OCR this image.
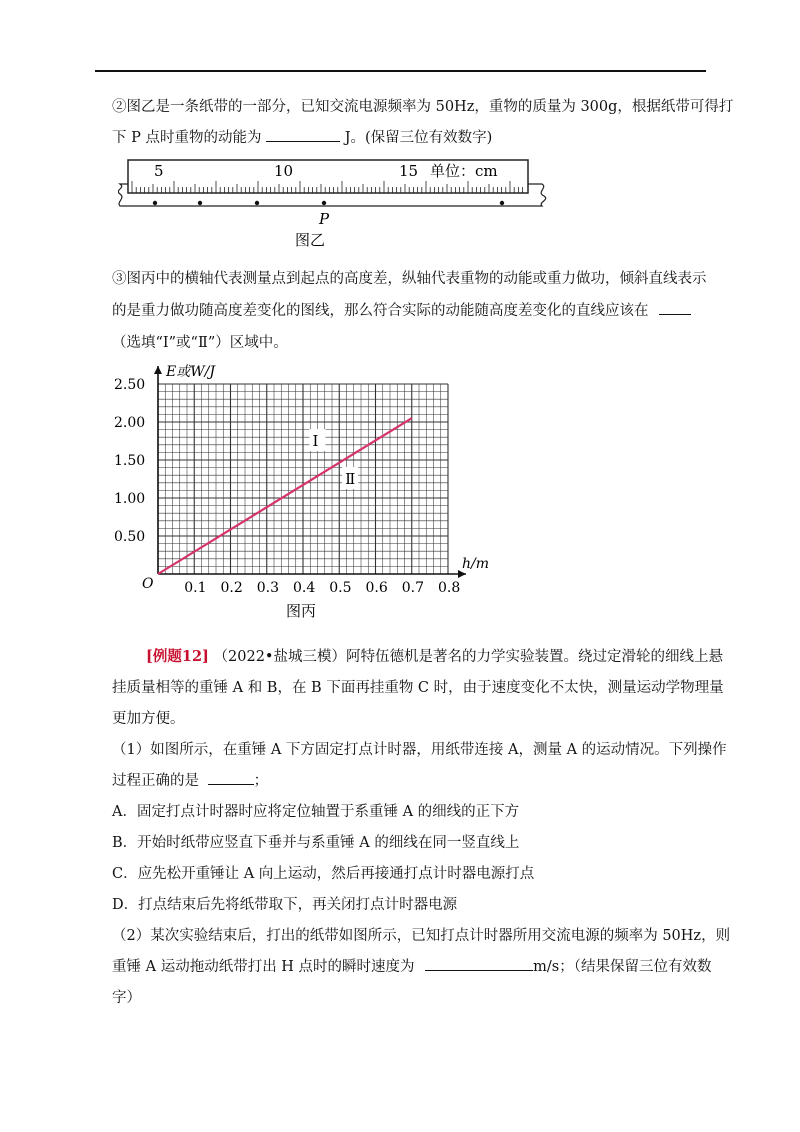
②图乙是一条纸带的一部分，已知交流电源频率为 50Hz，重物的质量为 300g，根据纸带可得打
下 P 点时重物的动能为	J。(保留三位有效数字)
5	10	15 单位：cm
P
图乙
③图丙中的横轴代表测量点到起点的高度差，纵轴代表重物的动能或重力做功，倾斜直线表示
的是重力做功随高度差变化的图线，那么符合实际的动能随高度差变化的直线应该在
（选填“Ⅰ”或“Ⅱ”）区域中。
0.1 0.2 0.3 0.4 0.5 0.6 0.7 0.8
0.50
1.00
1.50
2.00
2.50
Ⅰ
Ⅱ
E或W/J
h/m
O
图丙
[例题12] （2022•盐城三模）阿特伍德机是著名的力学实验装置。绕过定滑轮的细线上悬
挂质量相等的重锤 A 和 B，在 B 下面再挂重物 C 时，由于速度变化不太快，测量运动学物理量
更加方便。
（1）如图所示，在重锤 A 下方固定打点计时器，用纸带连接 A，测量 A 的运动情况。下列操作
过程正确的是	；
A．固定打点计时器时应将定位轴置于系重锤 A 的细线的正下方
B．开始时纸带应竖直下垂并与系重锤 A 的细线在同一竖直线上
C．应先松开重锤让 A 向上运动，然后再接通打点计时器电源打点
D．打点结束后先将纸带取下，再关闭打点计时器电源
（2）某次实验结束后，打出的纸带如图所示，已知打点计时器所用交流电源的频率为 50Hz，则
重锤 A 运动拖动纸带打出 H 点时的瞬时速度为	m/s；（结果保留三位有效数
字）
